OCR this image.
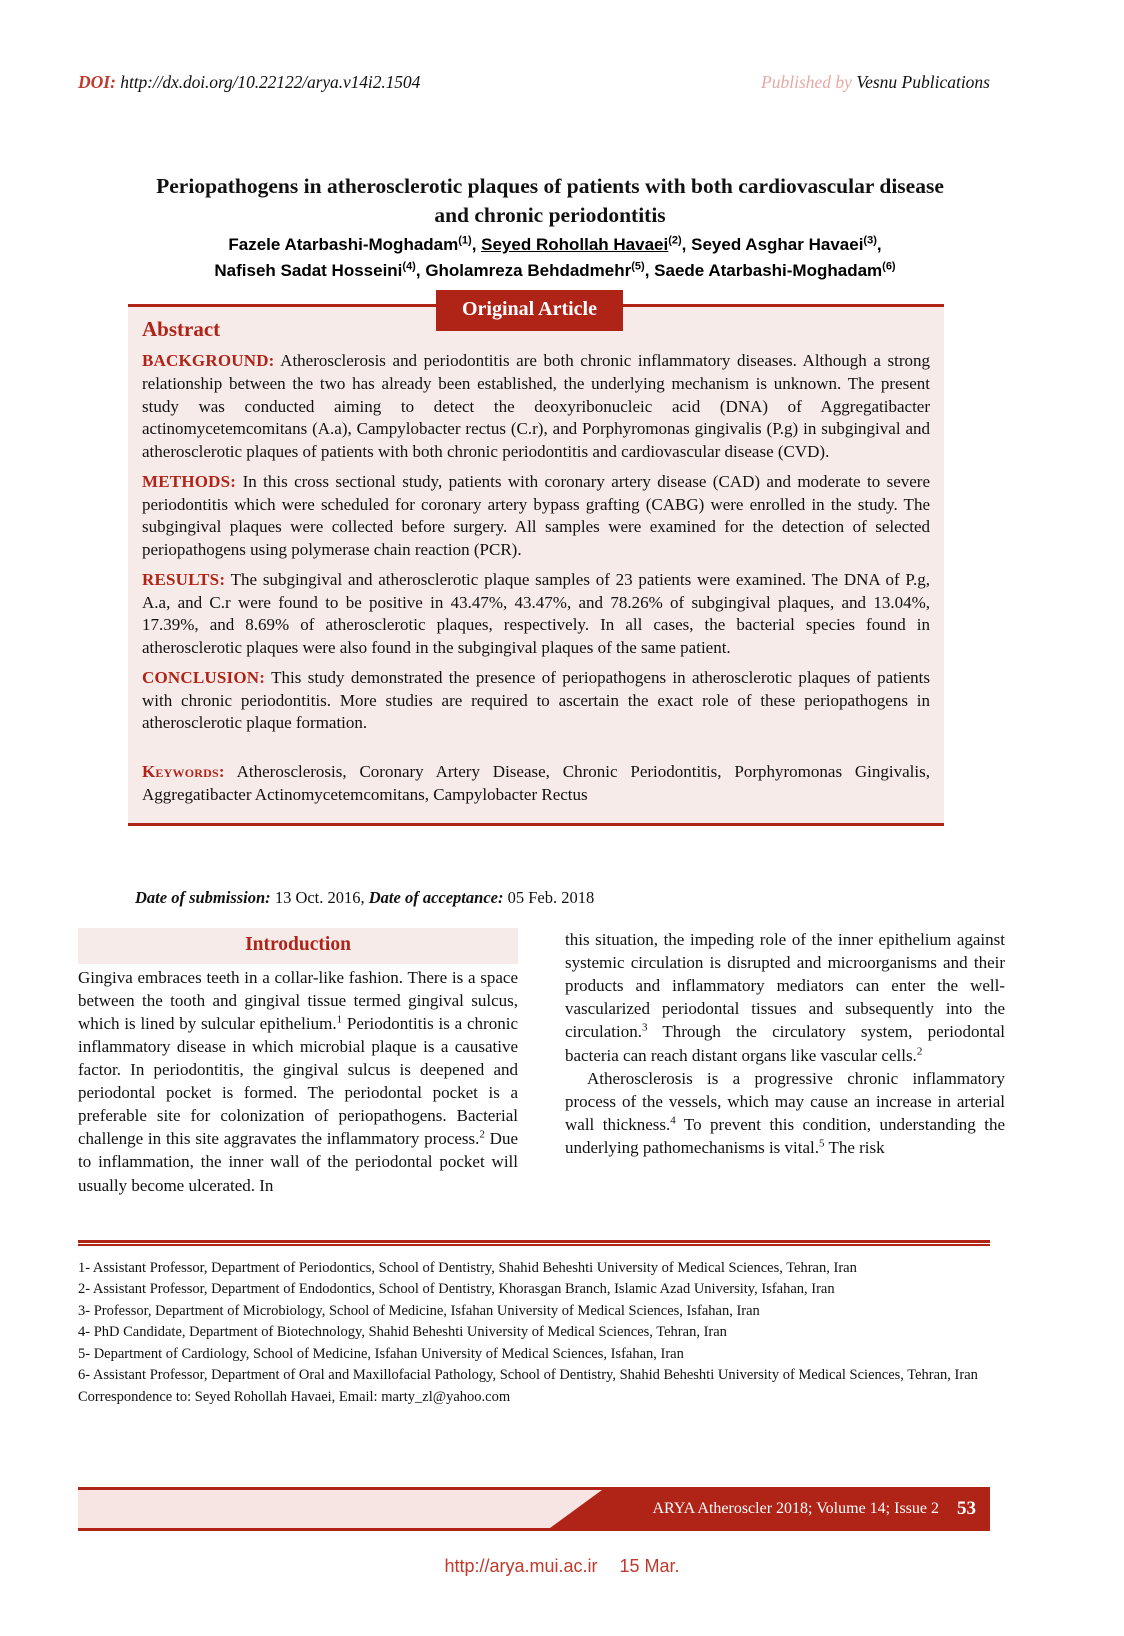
DOI: http://dx.doi.org/10.22122/arya.v14i2.1504	Published by Vesnu Publications
Periopathogens in atherosclerotic plaques of patients with both cardiovascular disease and chronic periodontitis
Fazele Atarbashi-Moghadam$^{(1)}$, Seyed Rohollah Havaei$^{(2)}$, Seyed Asghar Havaei$^{(3)}$,
Nafiseh Sadat Hosseini$^{(4)}$, Gholamreza Behdadmehr$^{(5)}$, Saede Atarbashi-Moghadam$^{(6)}$
Original Article
Abstract

BACKGROUND: Atherosclerosis and periodontitis are both chronic inflammatory diseases. Although a strong relationship between the two has already been established, the underlying mechanism is unknown. The present study was conducted aiming to detect the deoxyribonucleic acid (DNA) of Aggregatibacter actinomycetemcomitans (A.a), Campylobacter rectus (C.r), and Porphyromonas gingivalis (P.g) in subgingival and atherosclerotic plaques of patients with both chronic periodontitis and cardiovascular disease (CVD).

METHODS: In this cross sectional study, patients with coronary artery disease (CAD) and moderate to severe periodontitis which were scheduled for coronary artery bypass grafting (CABG) were enrolled in the study. The subgingival plaques were collected before surgery. All samples were examined for the detection of selected periopathogens using polymerase chain reaction (PCR).

RESULTS: The subgingival and atherosclerotic plaque samples of 23 patients were examined. The DNA of P.g, A.a, and C.r were found to be positive in 43.47%, 43.47%, and 78.26% of subgingival plaques, and 13.04%, 17.39%, and 8.69% of atherosclerotic plaques, respectively. In all cases, the bacterial species found in atherosclerotic plaques were also found in the subgingival plaques of the same patient.

CONCLUSION: This study demonstrated the presence of periopathogens in atherosclerotic plaques of patients with chronic periodontitis. More studies are required to ascertain the exact role of these periopathogens in atherosclerotic plaque formation.

Keywords: Atherosclerosis, Coronary Artery Disease, Chronic Periodontitis, Porphyromonas Gingivalis, Aggregatibacter Actinomycetemcomitans, Campylobacter Rectus

Date of submission: 13 Oct. 2016, Date of acceptance: 05 Feb. 2018
Introduction

Gingiva embraces teeth in a collar-like fashion. There is a space between the tooth and gingival tissue termed gingival sulcus, which is lined by sulcular epithelium.$^1$ Periodontitis is a chronic inflammatory disease in which microbial plaque is a causative factor. In periodontitis, the gingival sulcus is deepened and periodontal pocket is formed. The periodontal pocket is a preferable site for colonization of periopathogens. Bacterial challenge in this site aggravates the inflammatory process.$^2$ Due to inflammation, the inner wall of the periodontal pocket will usually become ulcerated. In

this situation, the impeding role of the inner epithelium against systemic circulation is disrupted and microorganisms and their products and inflammatory mediators can enter the well-vascularized periodontal tissues and subsequently into the circulation.$^3$ Through the circulatory system, periodontal bacteria can reach distant organs like vascular cells.$^2$

Atherosclerosis is a progressive chronic inflammatory process of the vessels, which may cause an increase in arterial wall thickness.$^4$ To prevent this condition, understanding the underlying pathomechanisms is vital.$^5$ The risk

1- Assistant Professor, Department of Periodontics, School of Dentistry, Shahid Beheshti University of Medical Sciences, Tehran, Iran
2- Assistant Professor, Department of Endodontics, School of Dentistry, Khorasgan Branch, Islamic Azad University, Isfahan, Iran
3- Professor, Department of Microbiology, School of Medicine, Isfahan University of Medical Sciences, Isfahan, Iran
4- PhD Candidate, Department of Biotechnology, Shahid Beheshti University of Medical Sciences, Tehran, Iran
5- Department of Cardiology, School of Medicine, Isfahan University of Medical Sciences, Isfahan, Iran
6- Assistant Professor, Department of Oral and Maxillofacial Pathology, School of Dentistry, Shahid Beheshti University of Medical Sciences, Tehran, Iran
Correspondence to: Seyed Rohollah Havaei, Email: marty_zl@yahoo.com
ARYA Atheroscler 2018; Volume 14; Issue 2 53
http://arya.mui.ac.ir 15 Mar.
